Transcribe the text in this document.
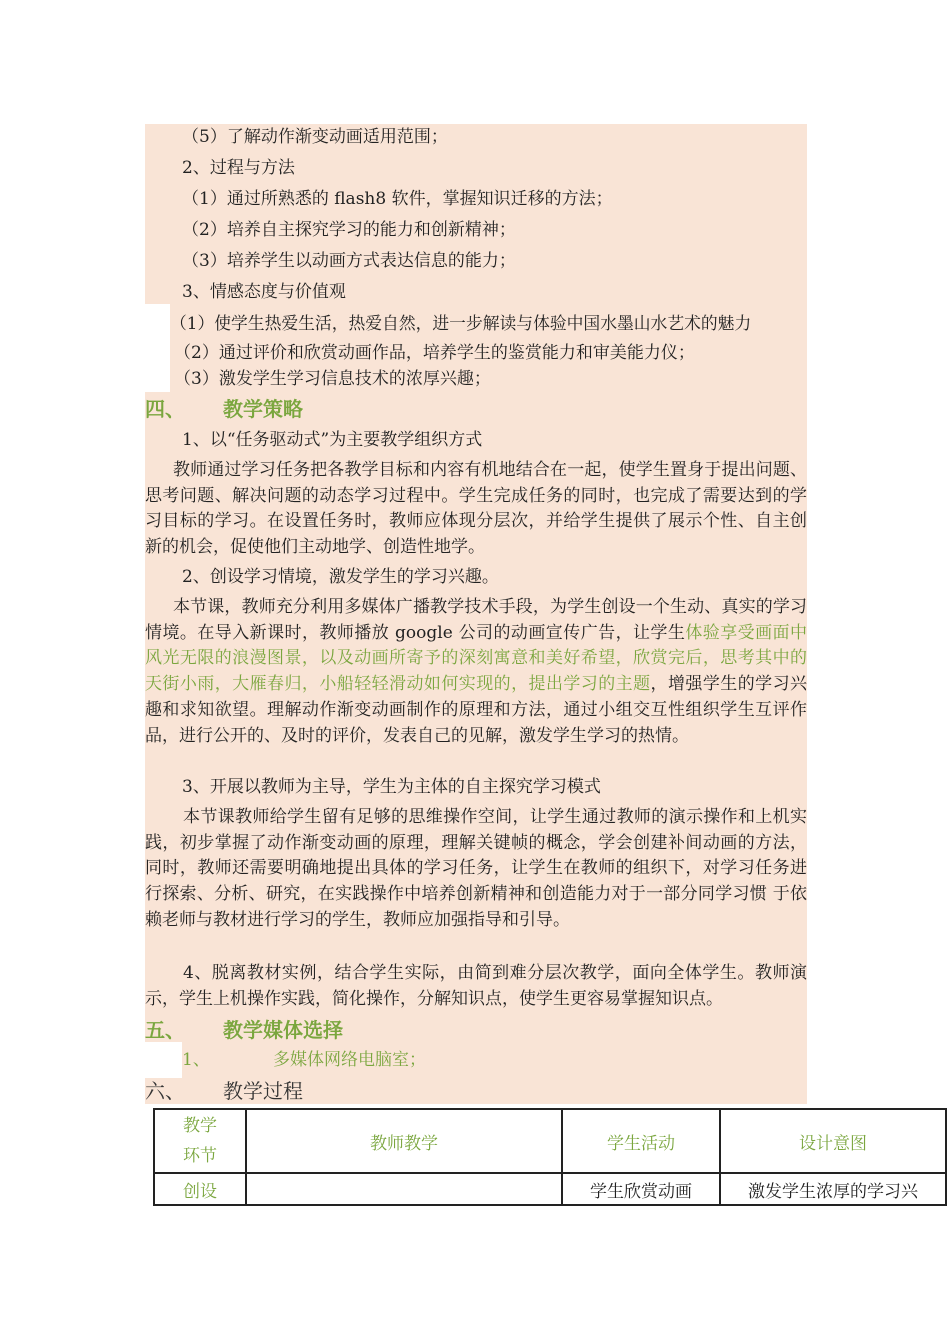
（5）了解动作渐变动画适用范围；
2、过程与方法
（1）通过所熟悉的 flash8 软件，掌握知识迁移的方法；
（2）培养自主探究学习的能力和创新精神；
（3）培养学生以动画方式表达信息的能力；
3、情感态度与价值观
（1）使学生热爱生活，热爱自然，进一步解读与体验中国水墨山水艺术的魅力
（2）通过评价和欣赏动画作品，培养学生的鉴赏能力和审美能力仪；
（3）激发学生学习信息技术的浓厚兴趣；
四、 教学策略
1、以“任务驱动式”为主要教学组织方式
教师通过学习任务把各教学目标和内容有机地结合在一起，使学生置身于提出问题、思考问题、解决问题的动态学习过程中。学生完成任务的同时，也完成了需要达到的学习目标的学习。在设置任务时，教师应体现分层次，并给学生提供了展示个性、自主创新的机会，促使他们主动地学、创造性地学。
2、创设学习情境，激发学生的学习兴趣。
本节课，教师充分利用多媒体广播教学技术手段，为学生创设一个生动、真实的学习情境。在导入新课时，教师播放 google 公司的动画宣传广告，让学生体验享受画面中风光无限的浪漫图景，以及动画所寄予的深刻寓意和美好希望，欣赏完后，思考其中的天街小雨，大雁春归，小船轻轻滑动如何实现的，提出学习的主题，增强学生的学习兴趣和求知欲望。理解动作渐变动画制作的原理和方法，通过小组交互性组织学生互评作品，进行公开的、及时的评价，发表自己的见解，激发学生学习的热情。
3、开展以教师为主导，学生为主体的自主探究学习模式
本节课教师给学生留有足够的思维操作空间，让学生通过教师的演示操作和上机实践，初步掌握了动作渐变动画的原理，理解关键帧的概念，学会创建补间动画的方法，同时，教师还需要明确地提出具体的学习任务，让学生在教师的组织下，对学习任务进行探索、分析、研究，在实践操作中培养创新精神和创造能力对于一部分同学习惯 于依赖老师与教材进行学习的学生，教师应加强指导和引导。
4、脱离教材实例，结合学生实际，由简到难分层次教学，面向全体学生。教师演示，学生上机操作实践，简化操作，分解知识点，使学生更容易掌握知识点。
五、 教学媒体选择
1、	多媒体网络电脑室；
六、 教学过程
教学环节	教师教学	学生活动	设计意图
创设		学生欣赏动画	激发学生浓厚的学习兴
